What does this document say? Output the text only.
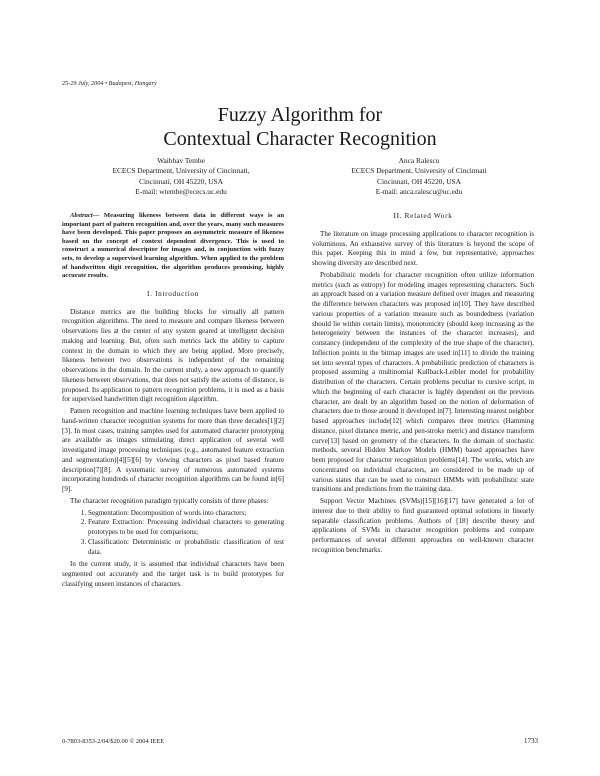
25-29 July, 2004 • Budapest, Hungary
Fuzzy Algorithm for
Contextual Character Recognition
Waibhav Tembe
ECECS Department, University of Cincinnati,
Cincinnati, OH 45220, USA
E-mail: wtembe@ececs.uc.edu
Anca Ralescu
ECECS Department, University of Cincinnati
Cincinnati, OH 45220, USA
E-mail: anca.ralescu@uc.edu

Abstract— Measuring likeness between data in different ways is an important part of pattern recognition and, over the years, many such measures have been developed. This paper proposes an asymmetric measure of likeness based on the concept of context dependent divergence. This is used to construct a numerical descriptor for images and, in conjunction with fuzzy sets, to develop a supervised learning algorithm. When applied to the problem of handwritten digit recognition, the algorithm produces promising, highly accurate results.

I. Introduction

Distance metrics are the building blocks for virtually all pattern recognition algorithms. The need to measure and compare likeness between observations lies at the center of any system geared at intelligent decision making and learning. But, often such metrics lack the ability to capture context in the domain to which they are being applied. More precisely, likeness between two observations is independent of the remaining observations in the domain. In the current study, a new approach to quantify likeness between observations, that does not satisfy the axioms of distance, is proposed. Its application to pattern recognition problems, it is used as a basis for supervised handwritten digit recognition algorithm.

Pattern recognition and machine learning techniques have been applied to hand-written character recognition systems for more than three decades[1][2][3]. In most cases, training samples used for automated character prototyping are available as images stimulating direct application of several well investigated image processing techniques (e.g., automated feature extraction and segmentation)[4][5][6] by viewing characters as pixel based feature description[7][8]. A systematic survey of numerous automated systems incorporating hundreds of character recognition algorithms can be found in[6][9].

The character recognition paradigm typically consists of three phases:

1. Segmentation: Decomposition of words into characters;
2. Feature Extraction: Processing individual characters to generating prototypes to be used for comparisons;
3. Classification: Deterministic or probabilistic classification of test data.

In the current study, it is assumed that individual characters have been segmented out accurately and the target task is to build prototypes for classifying unseen instances of characters.

II. Related Work

The literature on image processing applications to character recognition is voluminous. An exhaustive survey of this literature is beyond the scope of this paper. Keeping this in mind a few, but representative, approaches showing diversity are described next.

Probabilistic models for character recognition often utilize information metrics (such as entropy) for modeling images representing characters. Such an approach based on a variation measure defined over images and measuring the difference between characters was proposed in[10]. They have described various properties of a variation measure such as boundedness (variation should lie within certain limits), monotonicity (should keep increasing as the heterogeneity between the instances of the character increases), and constancy (independent of the complexity of the true shape of the character). Inflection points in the bitmap images are used in[11] to divide the training set into several types of characters. A probabilistic prediction of characters is proposed assuming a multinomial Kullback-Leibler model for probability distribution of the characters. Certain problems peculiar to cursive script, in which the beginning of each character is highly dependent on the previous character, are dealt by an algorithm based on the notion of deformation of characters due to those around it developed in[7]. Interesting nearest neighbor based approaches include[12] which compares three metrics (Hamming distance, pixel distance metric, and pen-stroke metric) and distance transform curve[13] based on geometry of the characters. In the domain of stochastic methods, several Hidden Markov Models (HMM) based approaches have been proposed for character recognition problems[14]. The works, which are concentrated on individual characters, are considered to be made up of various states that can be used to construct HMMs with probabilistic state transitions and predictions from the training data.

Support Vector Machines (SVMs)[15][16][17] have generated a lot of interest due to their ability to find guaranteed optimal solutions in linearly separable classification problems. Authors of [18] describe theory and applications of SVMs in character recognition problems and compare performances of several different approaches on well-known character recognition benchmarks.

0-7803-8353-2/04/$20.00 © 2004 IEEE	1733
